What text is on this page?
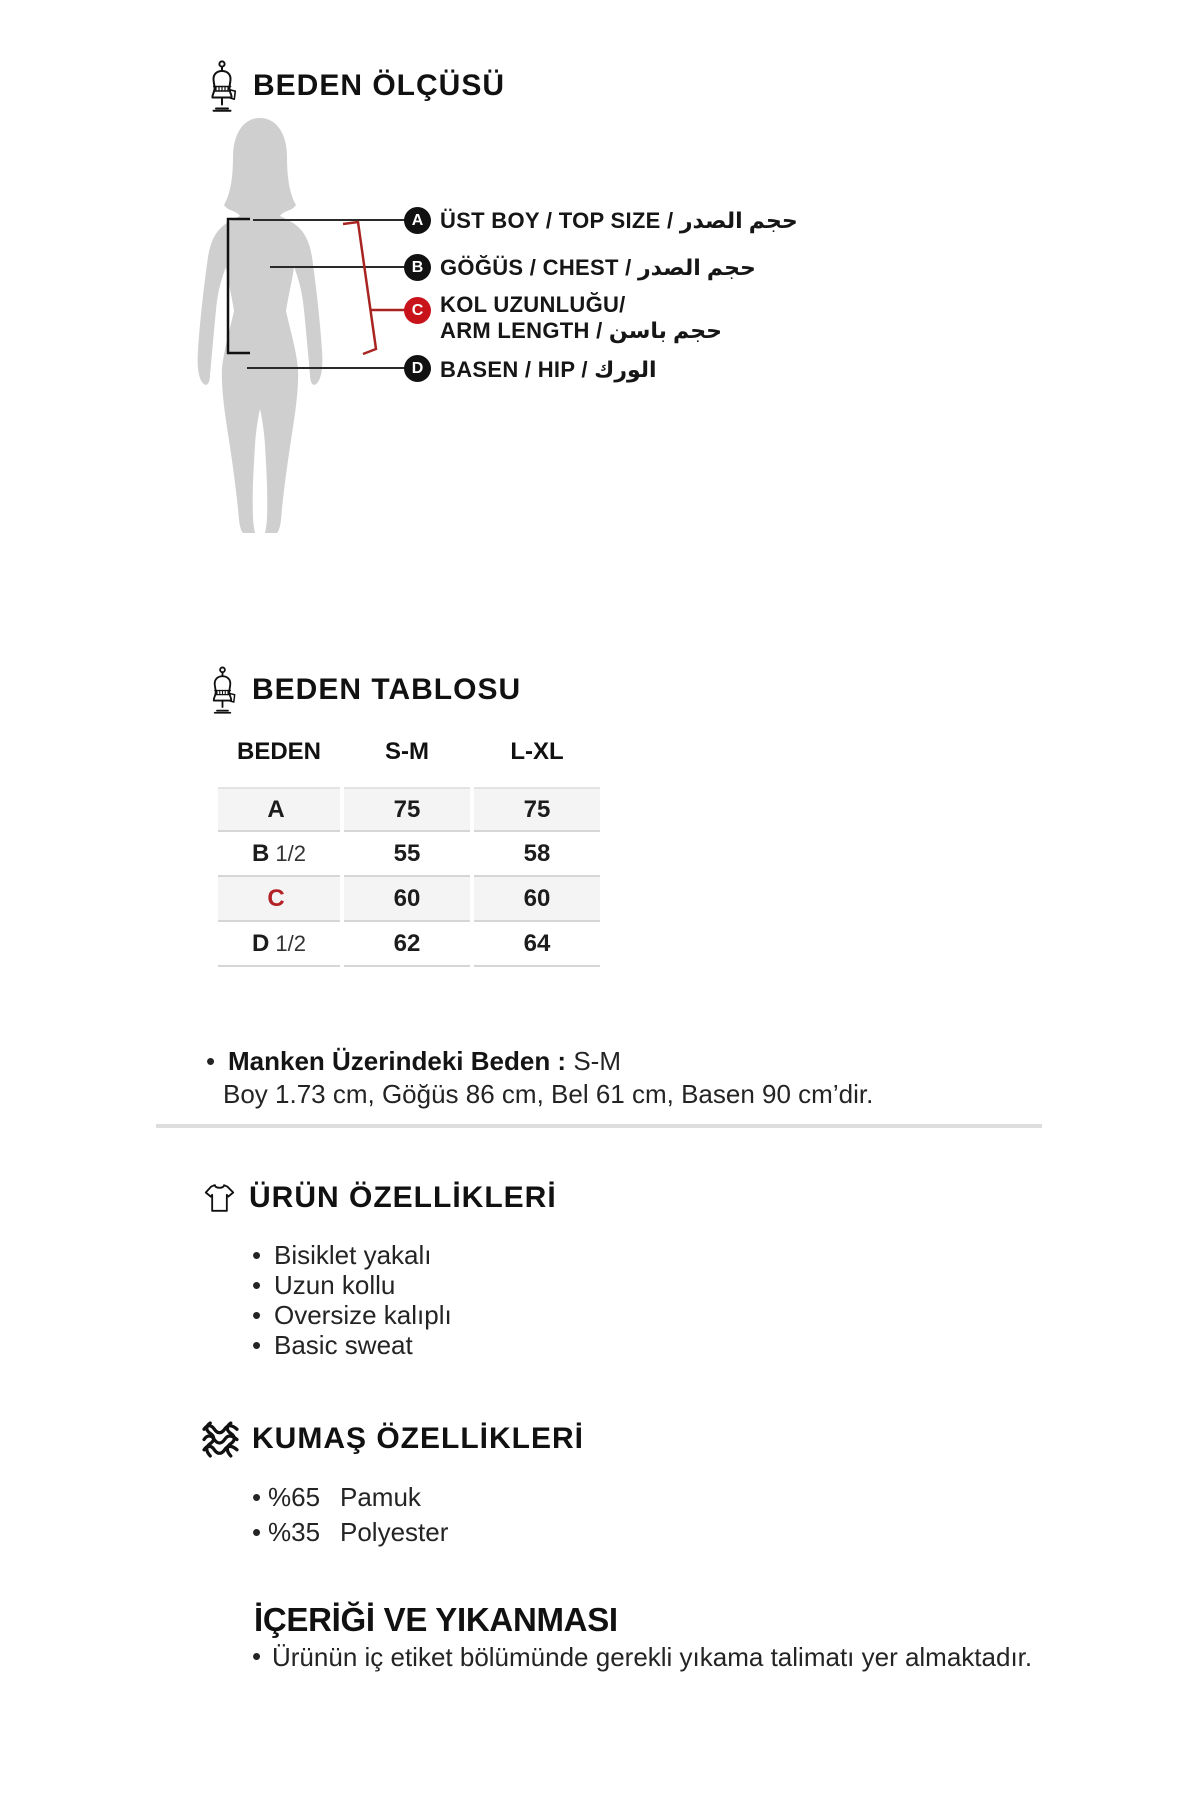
BEDEN ÖLÇÜSÜ
A
B
C
D
ÜST BOY / TOP SIZE / حجم الصدر
GÖĞÜS / CHEST / حجم الصدر
KOL UZUNLUĞU/
ARM LENGTH / حجم باسن
BASEN / HIP / الورك
BEDEN TABLOSU
BEDEN	S-M	L-XL
A	75	75
B 1/2	55	58
C	60	60
D 1/2	62	64
• Manken Üzerindeki Beden : S-M
Boy 1.73 cm, Göğüs 86 cm, Bel 61 cm, Basen 90 cm’dir.
ÜRÜN ÖZELLİKLERİ
• Bisiklet yakalı
• Uzun kollu
• Oversize kalıplı
• Basic sweat
KUMAŞ ÖZELLİKLERİ
• %65 Pamuk
• %35 Polyester
İÇERİĞİ VE YIKANMASI
• Ürünün iç etiket bölümünde gerekli yıkama talimatı yer almaktadır.
